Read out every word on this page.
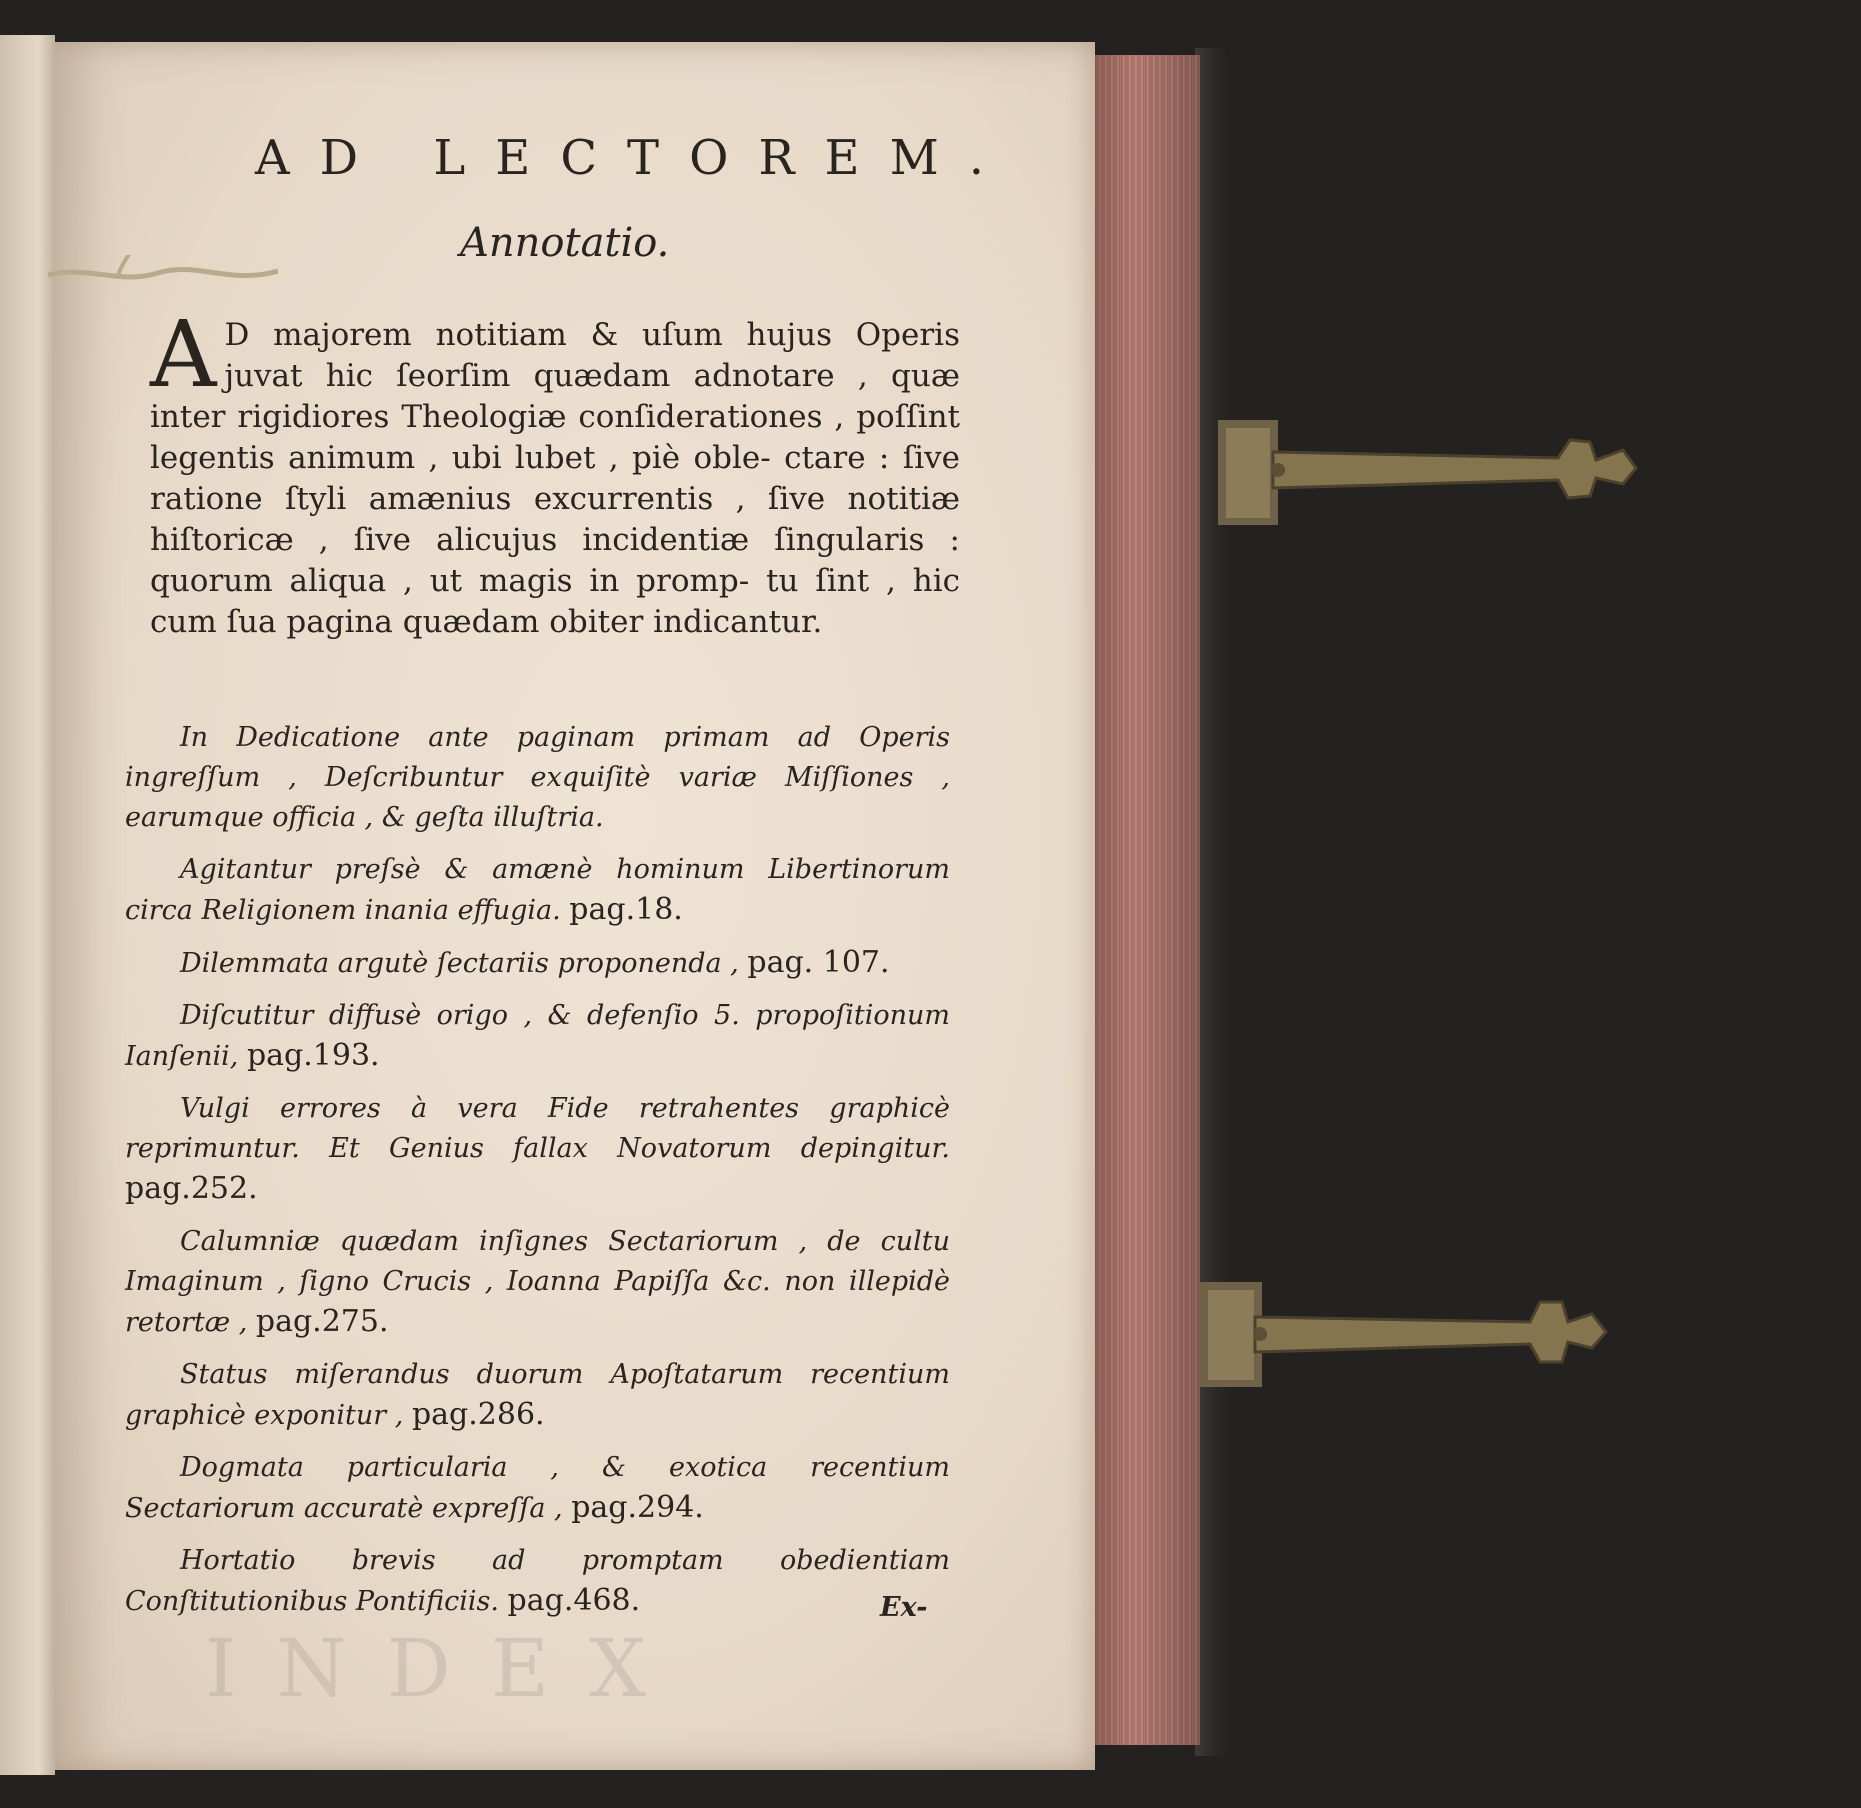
INDEX
AD LECTOREM.
Annotatio.
A D majorem notitiam & uſum hujus Operis juvat hic ſeorſim quædam adnotare , quæ inter rigidiores Theologiæ conſiderationes , poſſint legentis animum , ubi lubet , piè oble- ctare : ſive ratione ſtyli amænius excurrentis , ſive notitiæ hiſtoricæ , ſive alicujus incidentiæ ſingularis : quorum aliqua , ut magis in promp- tu ſint , hic cum ſua pagina quædam obiter indicantur.

In Dedicatione ante paginam primam ad Operis ingreſſum , Deſcribuntur exquiſitè variæ Miſſiones , earumque officia , & geſta illuſtria.

Agitantur preſsè & amænè hominum Libertinorum circa Religionem inania effugia. pag.18.

Dilemmata argutè ſectariis proponenda , pag. 107.

Diſcutitur diffusè origo , & defenſio 5. propoſitionum Ianſenii, pag.193.

Vulgi errores à vera Fide retrahentes graphicè reprimuntur. Et Genius fallax Novatorum depingitur. pag.252.

Calumniæ quædam inſignes Sectariorum , de cultu Imaginum , ſigno Crucis , Ioanna Papiſſa &c. non illepidè retortæ , pag.275.

Status miſerandus duorum Apoſtatarum recentium graphicè exponitur , pag.286.

Dogmata particularia , & exotica recentium Sectariorum accuratè expreſſa , pag.294.

Hortatio brevis ad promptam obedientiam Conſtitutionibus Pontificiis. pag.468.	Ex-
